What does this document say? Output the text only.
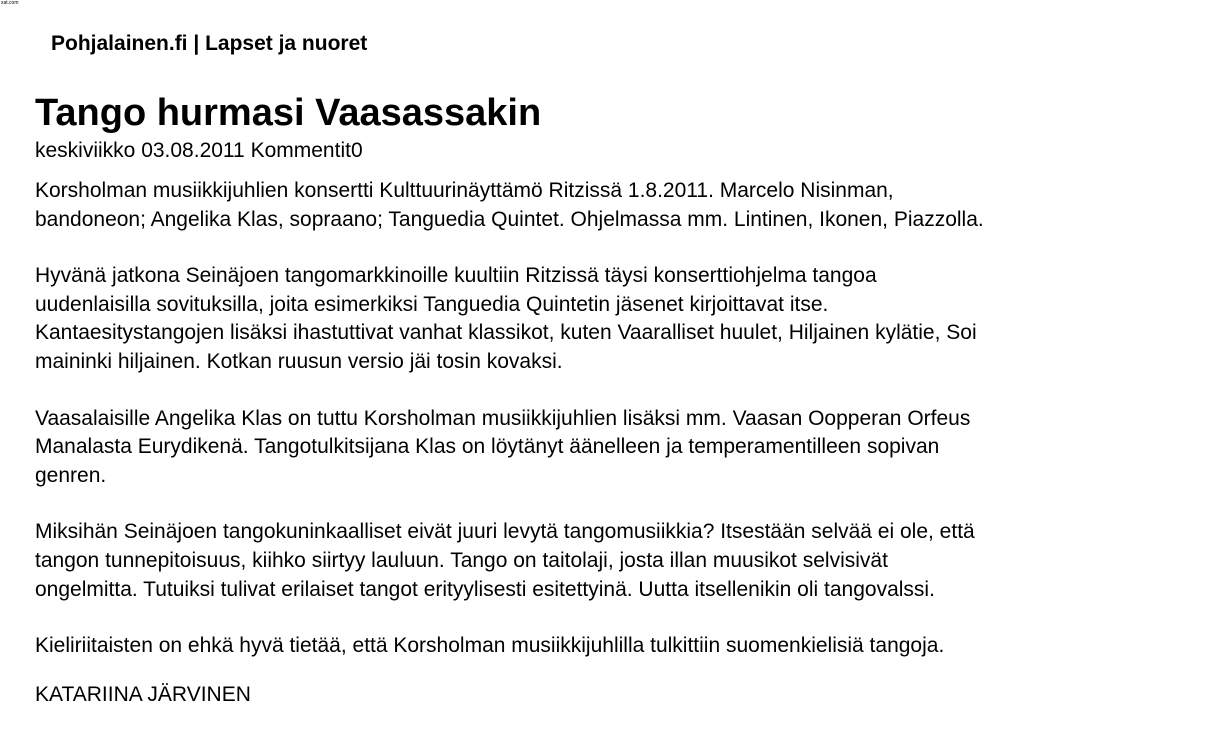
xat.com
Pohjalainen.fi | Lapset ja nuoret
Tango hurmasi Vaasassakin
keskiviikko 03.08.2011 Kommentit0

Korsholman musiikkijuhlien konsertti Kulttuurinäyttämö Ritzissä 1.8.2011. Marcelo Nisinman,
bandoneon; Angelika Klas, sopraano; Tanguedia Quintet. Ohjelmassa mm. Lintinen, Ikonen, Piazzolla.

Hyvänä jatkona Seinäjoen tangomarkkinoille kuultiin Ritzissä täysi konserttiohjelma tangoa
uudenlaisilla sovituksilla, joita esimerkiksi Tanguedia Quintetin jäsenet kirjoittavat itse.
Kantaesitystangojen lisäksi ihastuttivat vanhat klassikot, kuten Vaaralliset huulet, Hiljainen kylätie, Soi
maininki hiljainen. Kotkan ruusun versio jäi tosin kovaksi.

Vaasalaisille Angelika Klas on tuttu Korsholman musiikkijuhlien lisäksi mm. Vaasan Oopperan Orfeus
Manalasta Eurydikenä. Tangotulkitsijana Klas on löytänyt äänelleen ja temperamentilleen sopivan
genren.

Miksihän Seinäjoen tangokuninkaalliset eivät juuri levytä tangomusiikkia? Itsestään selvää ei ole, että
tangon tunnepitoisuus, kiihko siirtyy lauluun. Tango on taitolaji, josta illan muusikot selvisivät
ongelmitta. Tutuiksi tulivat erilaiset tangot erityylisesti esitettyinä. Uutta itsellenikin oli tangovalssi.

Kieliriitaisten on ehkä hyvä tietää, että Korsholman musiikkijuhlilla tulkittiin suomenkielisiä tangoja.

KATARIINA JÄRVINEN
